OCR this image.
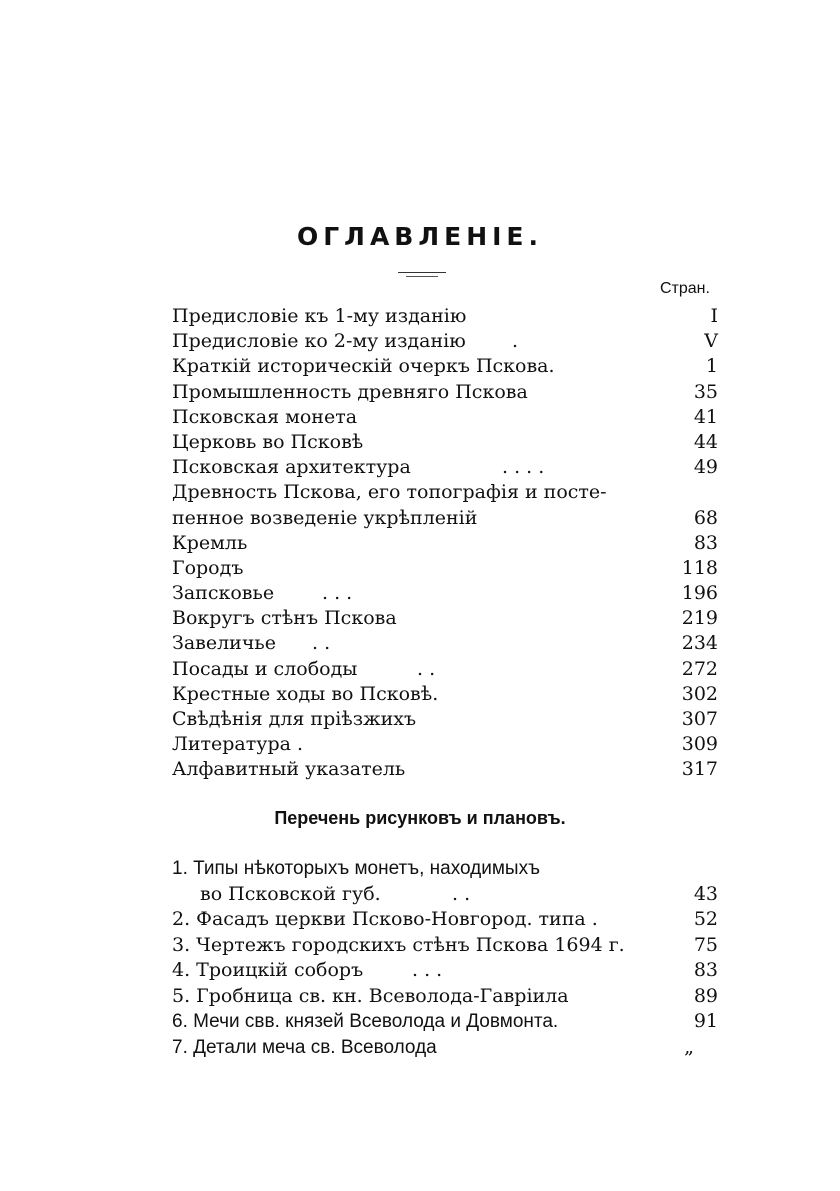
ОГЛАВЛЕНІЕ.
Стран.
Предисловіе къ 1-му изданію	I
Предисловіе ко 2-му изданію .	V
Краткій историческій очеркъ Пскова.	1
Промышленность древняго Пскова	35
Псковская монета	41
Церковь во Псковѣ	44
Псковская архитектура	. . . .	49
Древность Пскова, его топографія и посте-
пенное возведеніе укрѣпленій	68
Кремль	83
Городъ	118
Запсковье	. . .	196
Вокругъ стѣнъ Пскова	219
Завеличье . .	234
Посады и слободы	. .	272
Крестные ходы во Псковѣ.	302
Свѣдѣнія для пріѣзжихъ	307
Литература .	309
Алфавитный указатель	317
Перечень рисунковъ и плановъ.
1. Типы нѣкоторыхъ монетъ, находимыхъ
во Псковской губ.	. .	43
2. Фасадъ церкви Псково-Новгород. типа .	52
3. Чертежъ городскихъ стѣнъ Пскова 1694 г.	75
4. Троицкій соборъ	. . .	83
5. Гробница св. кн. Всеволода-Гавріила	89
6. Мечи свв. князей Всеволода и Довмонта.	91
7. Детали меча св. Всеволода	„
